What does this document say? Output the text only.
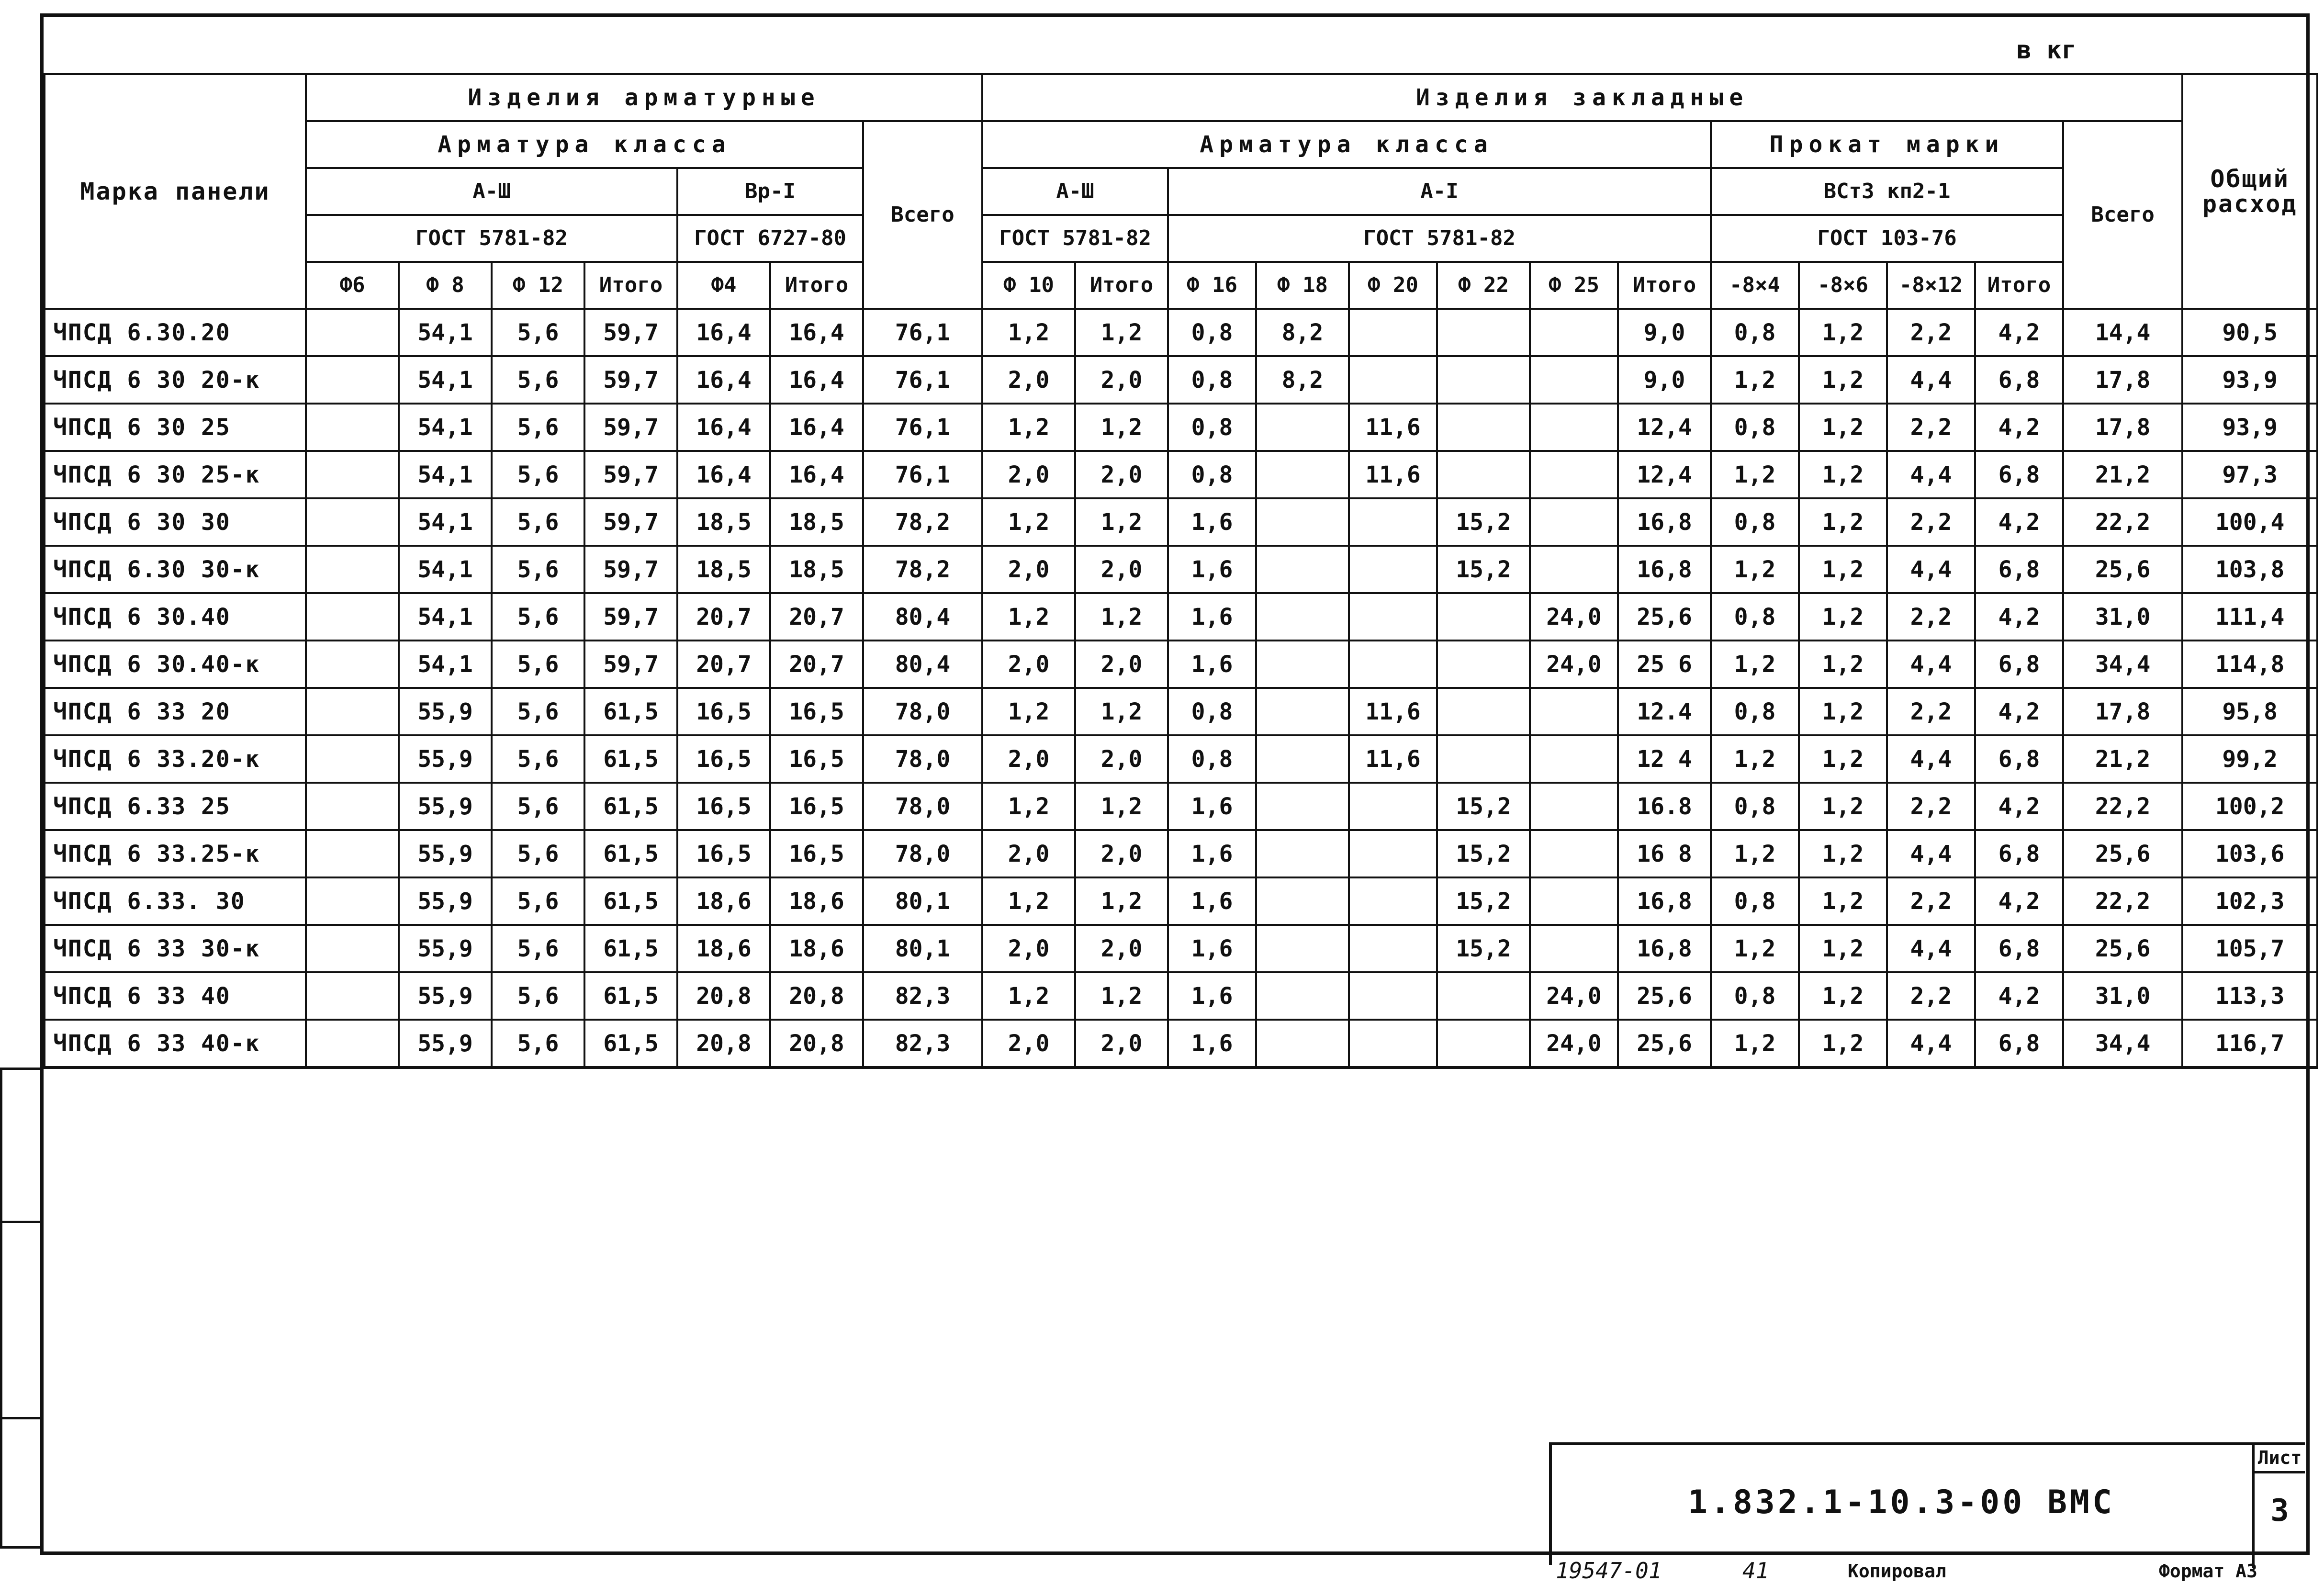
в кг
Марка панели	Изделия арматурные							Изделия закладные													Общий расход
	Арматура класса						Всего	Арматура класса								Прокат марки				Всего	
	А-Ш				Вр-I			А-Ш		А-I						ВСт3 кп2-1					
	ГОСТ 5781-82				ГОСТ 6727-80			ГОСТ 5781-82		ГОСТ 5781-82						ГОСТ 103-76					
	Ф6	Ф 8	Ф 12	Итого	Ф4	Итого		Ф 10	Итого	Ф 16	Ф 18	Ф 20	Ф 22	Ф 25	Итого	-8×4	-8×6	-8×12	Итого		
ЧПСД 6.30.20		54,1	5,6	59,7	16,4	16,4	76,1	1,2	1,2	0,8	8,2				9,0	0,8	1,2	2,2	4,2	14,4	90,5
ЧПСД 6 30 20-к		54,1	5,6	59,7	16,4	16,4	76,1	2,0	2,0	0,8	8,2				9,0	1,2	1,2	4,4	6,8	17,8	93,9
ЧПСД 6 30 25		54,1	5,6	59,7	16,4	16,4	76,1	1,2	1,2	0,8		11,6			12,4	0,8	1,2	2,2	4,2	17,8	93,9
ЧПСД 6 30 25-к		54,1	5,6	59,7	16,4	16,4	76,1	2,0	2,0	0,8		11,6			12,4	1,2	1,2	4,4	6,8	21,2	97,3
ЧПСД 6 30 30		54,1	5,6	59,7	18,5	18,5	78,2	1,2	1,2	1,6			15,2		16,8	0,8	1,2	2,2	4,2	22,2	100,4
ЧПСД 6.30 30-к		54,1	5,6	59,7	18,5	18,5	78,2	2,0	2,0	1,6			15,2		16,8	1,2	1,2	4,4	6,8	25,6	103,8
ЧПСД 6 30.40		54,1	5,6	59,7	20,7	20,7	80,4	1,2	1,2	1,6				24,0	25,6	0,8	1,2	2,2	4,2	31,0	111,4
ЧПСД 6 30.40-к		54,1	5,6	59,7	20,7	20,7	80,4	2,0	2,0	1,6				24,0	25 6	1,2	1,2	4,4	6,8	34,4	114,8
ЧПСД 6 33 20		55,9	5,6	61,5	16,5	16,5	78,0	1,2	1,2	0,8		11,6			12.4	0,8	1,2	2,2	4,2	17,8	95,8
ЧПСД 6 33.20-к		55,9	5,6	61,5	16,5	16,5	78,0	2,0	2,0	0,8		11,6			12 4	1,2	1,2	4,4	6,8	21,2	99,2
ЧПСД 6.33 25		55,9	5,6	61,5	16,5	16,5	78,0	1,2	1,2	1,6			15,2		16.8	0,8	1,2	2,2	4,2	22,2	100,2
ЧПСД 6 33.25-к		55,9	5,6	61,5	16,5	16,5	78,0	2,0	2,0	1,6			15,2		16 8	1,2	1,2	4,4	6,8	25,6	103,6
ЧПСД 6.33. 30		55,9	5,6	61,5	18,6	18,6	80,1	1,2	1,2	1,6			15,2		16,8	0,8	1,2	2,2	4,2	22,2	102,3
ЧПСД 6 33 30-к		55,9	5,6	61,5	18,6	18,6	80,1	2,0	2,0	1,6			15,2		16,8	1,2	1,2	4,4	6,8	25,6	105,7
ЧПСД 6 33 40		55,9	5,6	61,5	20,8	20,8	82,3	1,2	1,2	1,6				24,0	25,6	0,8	1,2	2,2	4,2	31,0	113,3
ЧПСД 6 33 40-к		55,9	5,6	61,5	20,8	20,8	82,3	2,0	2,0	1,6				24,0	25,6	1,2	1,2	4,4	6,8	34,4	116,7
1.832.1-10.3-00 ВМС
Лист
3
19547-01	41	Копировал	Формат А3
